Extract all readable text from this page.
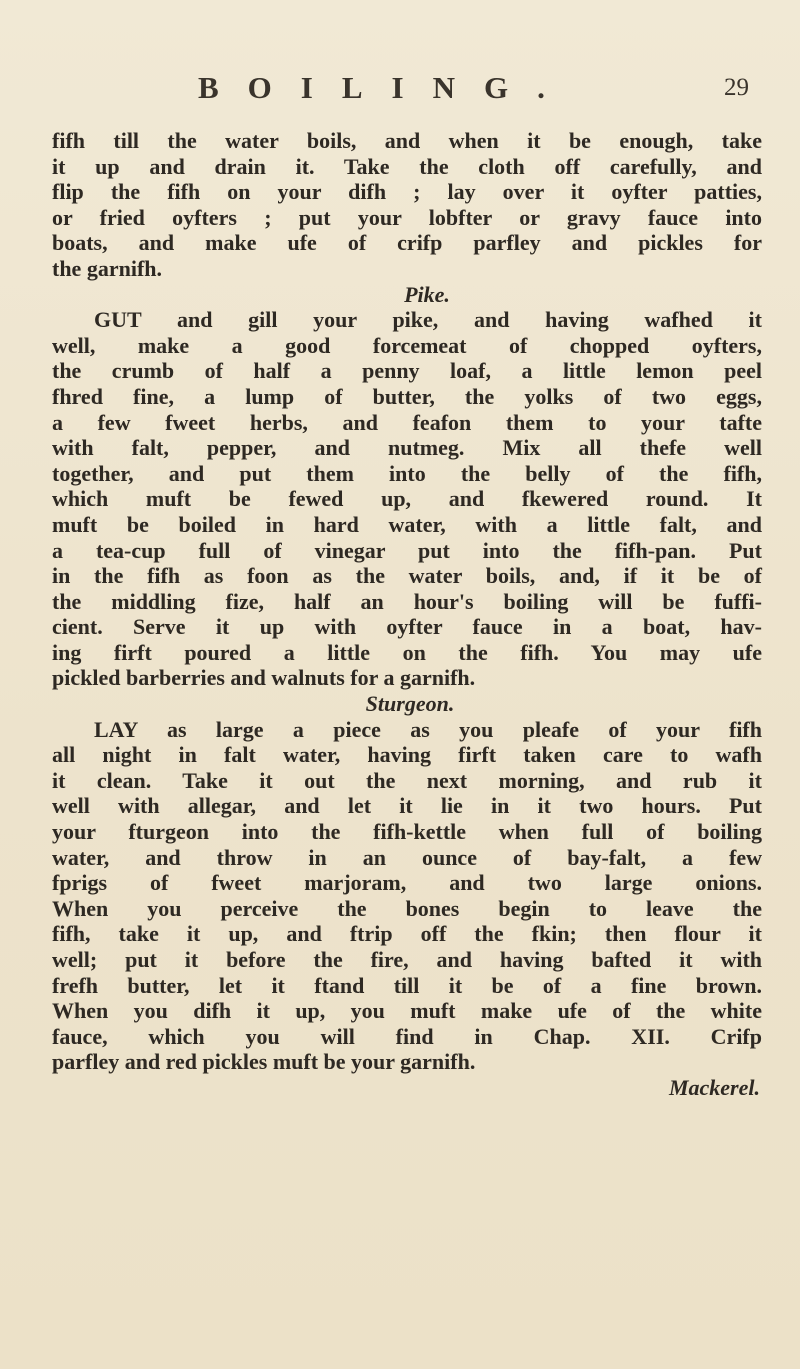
BOILING.	29
fifh till the water boils, and when it be enough, take
it up and drain it. Take the cloth off carefully, and
flip the fifh on your difh ; lay over it oyfter patties,
or fried oyfters ; put your lobfter or gravy fauce into
boats, and make ufe of crifp parfley and pickles for
the garnifh.
Pike.
GUT and gill your pike, and having wafhed it
well, make a good forcemeat of chopped oyfters,
the crumb of half a penny loaf, a little lemon peel
fhred fine, a lump of butter, the yolks of two eggs,
a few fweet herbs, and feafon them to your tafte
with falt, pepper, and nutmeg. Mix all thefe well
together, and put them into the belly of the fifh,
which muft be fewed up, and fkewered round. It
muft be boiled in hard water, with a little falt, and
a tea-cup full of vinegar put into the fifh-pan. Put
in the fifh as foon as the water boils, and, if it be of
the middling fize, half an hour's boiling will be fuffi-
cient. Serve it up with oyfter fauce in a boat, hav-
ing firft poured a little on the fifh. You may ufe
pickled barberries and walnuts for a garnifh.
Sturgeon.
LAY as large a piece as you pleafe of your fifh
all night in falt water, having firft taken care to wafh
it clean. Take it out the next morning, and rub it
well with allegar, and let it lie in it two hours. Put
your fturgeon into the fifh-kettle when full of boiling
water, and throw in an ounce of bay-falt, a few
fprigs of fweet marjoram, and two large onions.
When you perceive the bones begin to leave the
fifh, take it up, and ftrip off the fkin; then flour it
well; put it before the fire, and having bafted it with
frefh butter, let it ftand till it be of a fine brown.
When you difh it up, you muft make ufe of the white
fauce, which you will find in Chap. XII. Crifp
parfley and red pickles muft be your garnifh.
Mackerel.
